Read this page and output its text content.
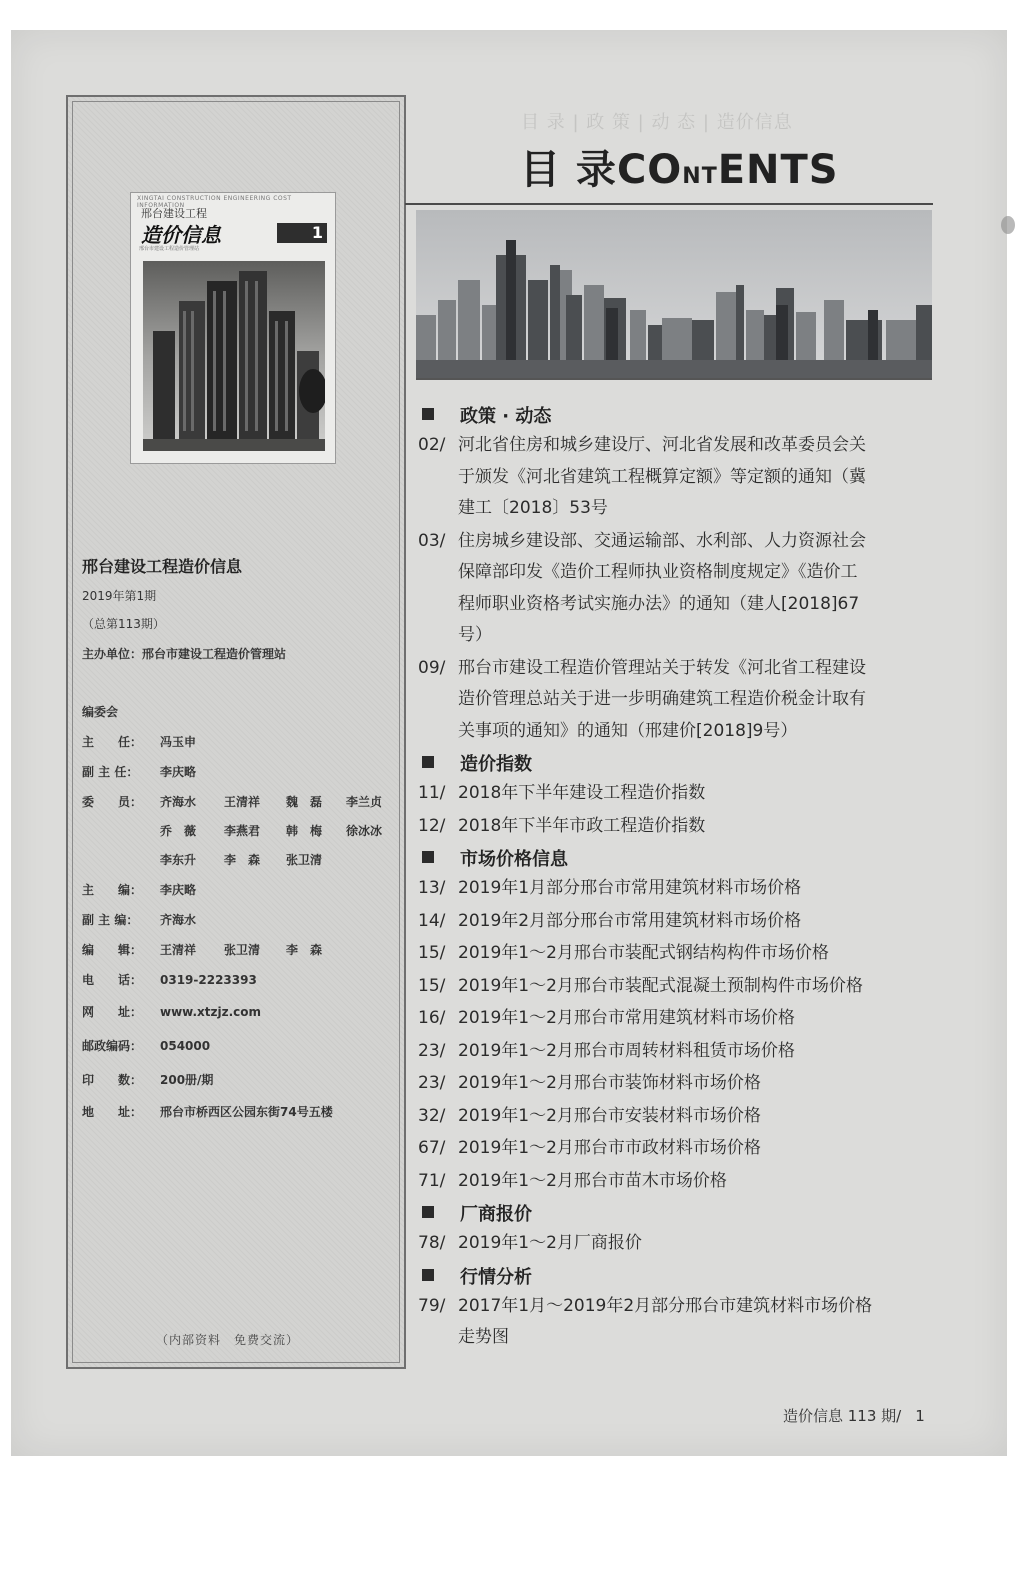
目 录 | 政 策 | 动 态 | 造价信息
XINGTAI CONSTRUCTION ENGINEERING COST INFORMATION
邢台建设工程
造价信息
邢台市建设工程造价管理站
1
邢台建设工程造价信息
2019年第1期
（总第113期）
主办单位：邢台市建设工程造价管理站
编委会
主　　任： 冯玉申
副 主 任： 李庆略
委　　员：	齐海水 王清祥 魏　磊 李兰贞
乔　薇 李燕君 韩　梅 徐冰冰
李东升 李　森 张卫清
主　　编： 李庆略
副 主 编： 齐海水
编　　辑：	王清祥 张卫清 李　森
电　　话： 0319-2223393
网　　址： www.xtzjz.com
邮政编码： 054000
印　　数： 200册/期
地　　址： 邢台市桥西区公园东街74号五楼
（内部资料　免费交流）
目 录CONTENTS
政策 · 动态
02/ 河北省住房和城乡建设厅、河北省发展和改革委员会关
于颁发《河北省建筑工程概算定额》等定额的通知（冀
建工〔2018〕53号
03/ 住房城乡建设部、交通运输部、水利部、人力资源社会
保障部印发《造价工程师执业资格制度规定》《造价工
程师职业资格考试实施办法》的通知（建人[2018]67
号）
09/ 邢台市建设工程造价管理站关于转发《河北省工程建设
造价管理总站关于进一步明确建筑工程造价税金计取有
关事项的通知》的通知（邢建价[2018]9号）
造价指数
11/ 2018年下半年建设工程造价指数
12/ 2018年下半年市政工程造价指数
市场价格信息
13/ 2019年1月部分邢台市常用建筑材料市场价格
14/ 2019年2月部分邢台市常用建筑材料市场价格
15/ 2019年1～2月邢台市装配式钢结构构件市场价格
15/ 2019年1～2月邢台市装配式混凝土预制构件市场价格
16/ 2019年1～2月邢台市常用建筑材料市场价格
23/ 2019年1～2月邢台市周转材料租赁市场价格
23/ 2019年1～2月邢台市装饰材料市场价格
32/ 2019年1～2月邢台市安装材料市场价格
67/ 2019年1～2月邢台市市政材料市场价格
71/ 2019年1～2月邢台市苗木市场价格
厂商报价
78/ 2019年1～2月厂商报价
行情分析
79/ 2017年1月～2019年2月部分邢台市建筑材料市场价格
走势图
造价信息 113 期/ 1
